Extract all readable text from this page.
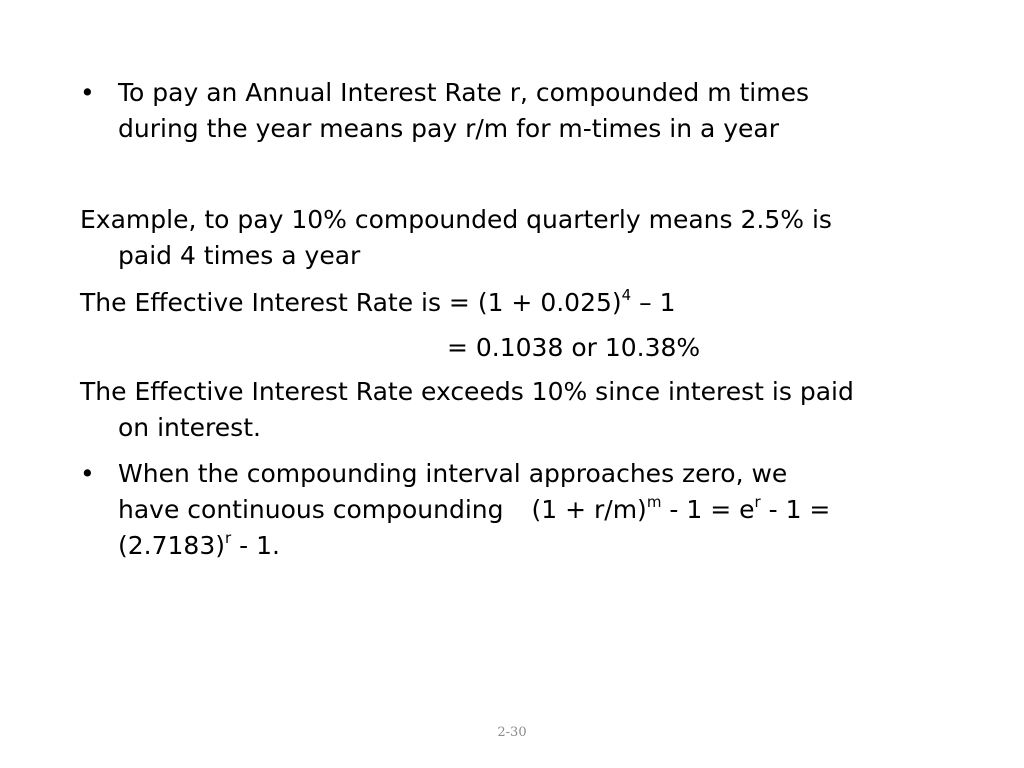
• To pay an Annual Interest Rate r, compounded m times
during the year means pay r/m for m-times in a year
Example, to pay 10% compounded quarterly means 2.5% is
paid 4 times a year
The Effective Interest Rate is = $(1 + 0.025)^4 - 1$
= 0.1038 or 10.38%
The Effective Interest Rate exceeds 10% since interest is paid
on interest.
• When the compounding interval approaches zero, we
have continuous compounding $(1 + r/m)^m - 1 = e^r - 1$ =
$(2.7183)^r - 1$.
2-30
